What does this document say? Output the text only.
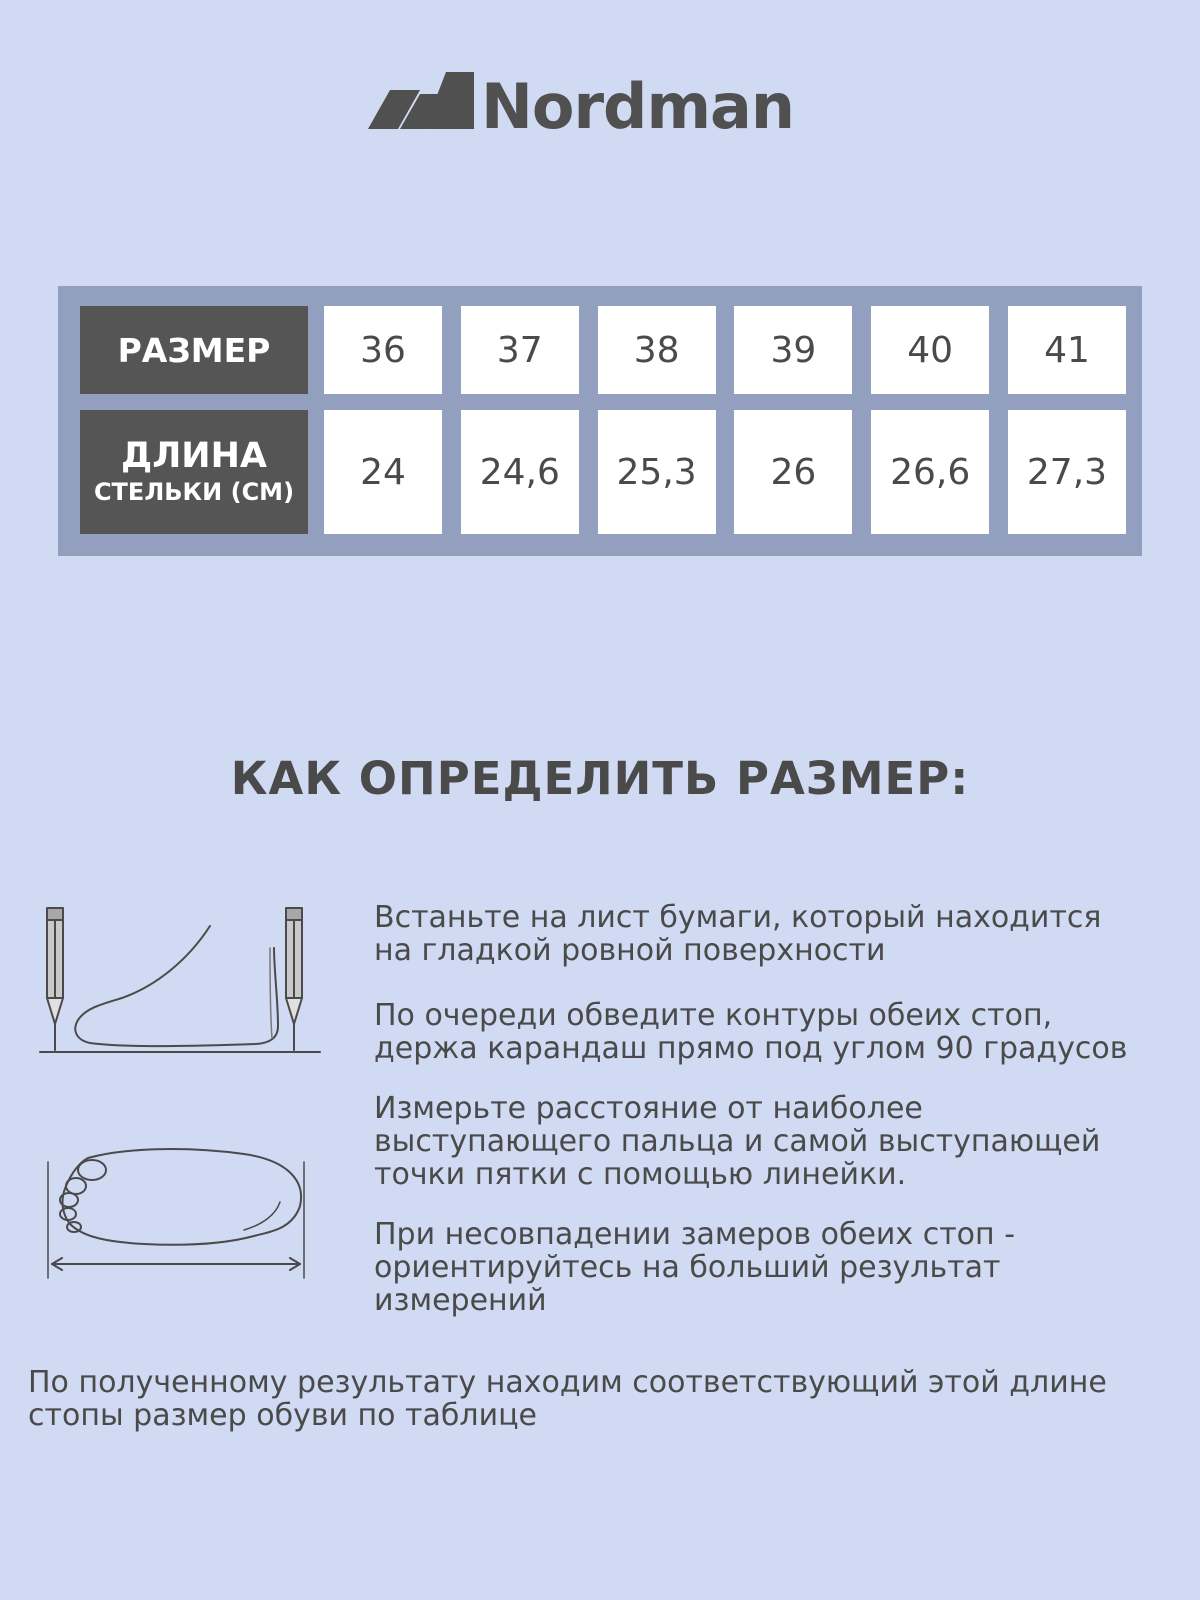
Nordman
РАЗМЕР	36	37	38	39	40	41
ДЛИНА
СТЕЛЬКИ (СМ)	24	24,6	25,3	26	26,6	27,3
КАК ОПРЕДЕЛИТЬ РАЗМЕР:

Встаньте на лист бумаги, который находится
на гладкой ровной поверхности

По очереди обведите контуры обеих стоп,
держа карандаш прямо под углом 90 градусов

Измерьте расстояние от наиболее
выступающего пальца и самой выступающей
точки пятки с помощью линейки.

При несовпадении замеров обеих стоп -
ориентируйтесь на больший результат
измерений

По полученному результату находим соответствующий этой длине
стопы размер обуви по таблице
